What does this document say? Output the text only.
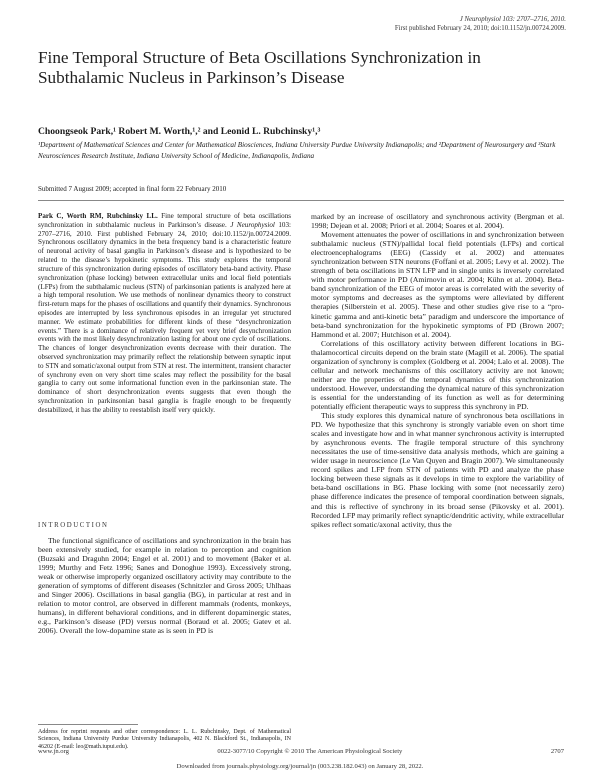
J Neurophysiol 103: 2707–2716, 2010.
First published February 24, 2010; doi:10.1152/jn.00724.2009.
Fine Temporal Structure of Beta Oscillations Synchronization in Subthalamic Nucleus in Parkinson’s Disease
Choongseok Park,¹ Robert M. Worth,¹,² and Leonid L. Rubchinsky¹,³
¹Department of Mathematical Sciences and Center for Mathematical Biosciences, Indiana University Purdue University Indianapolis; and ²Department of Neurosurgery and ³Stark Neurosciences Research Institute, Indiana University School of Medicine, Indianapolis, Indiana
Submitted 7 August 2009; accepted in final form 22 February 2010
Park C, Worth RM, Rubchinsky LL. Fine temporal structure of beta oscillations synchronization in subthalamic nucleus in Parkinson’s disease. J Neurophysiol 103: 2707–2716, 2010. First published February 24, 2010; doi:10.1152/jn.00724.2009. Synchronous oscillatory dynamics in the beta frequency band is a characteristic feature of neuronal activity of basal ganglia in Parkinson’s disease and is hypothesized to be related to the disease’s hypokinetic symptoms. This study explores the temporal structure of this synchronization during episodes of oscillatory beta-band activity. Phase synchronization (phase locking) between extracellular units and local field potentials (LFPs) from the subthalamic nucleus (STN) of parkinsonian patients is analyzed here at a high temporal resolution. We use methods of nonlinear dynamics theory to construct first-return maps for the phases of oscillations and quantify their dynamics. Synchronous episodes are interrupted by less synchronous episodes in an irregular yet structured manner. We estimate probabilities for different kinds of these “desynchronization events.” There is a dominance of relatively frequent yet very brief desynchronization events with the most likely desynchronization lasting for about one cycle of oscillations. The chances of longer desynchronization events decrease with their duration. The observed synchronization may primarily reflect the relationship between synaptic input to STN and somatic/axonal output from STN at rest. The intermittent, transient character of synchrony even on very short time scales may reflect the possibility for the basal ganglia to carry out some informational function even in the parkinsonian state. The dominance of short desynchronization events suggests that even though the synchronization in parkinsonian basal ganglia is fragile enough to be frequently destabilized, it has the ability to reestablish itself very quickly.
INTRODUCTION

The functional significance of oscillations and synchronization in the brain has been extensively studied, for example in relation to perception and cognition (Buzsaki and Draguhn 2004; Engel et al. 2001) and to movement (Baker et al. 1999; Murthy and Fetz 1996; Sanes and Donoghue 1993). Excessively strong, weak or otherwise improperly organized oscillatory activity may contribute to the generation of symptoms of different diseases (Schnitzler and Gross 2005; Uhlhaas and Singer 2006). Oscillations in basal ganglia (BG), in particular at rest and in relation to motor control, are observed in different mammals (rodents, monkeys, humans), in different behavioral conditions, and in different dopaminergic states, e.g., Parkinson’s disease (PD) versus normal (Boraud et al. 2005; Gatev et al. 2006). Overall the low-dopamine state as is seen in PD is

marked by an increase of oscillatory and synchronous activity (Bergman et al. 1998; Dejean et al. 2008; Priori et al. 2004; Soares et al. 2004).

Movement attenuates the power of oscillations in and synchronization between subthalamic nucleus (STN)/pallidal local field potentials (LFPs) and cortical electroencephalograms (EEG) (Cassidy et al. 2002) and attenuates synchronization between STN neurons (Foffani et al. 2005; Levy et al. 2002). The strength of beta oscillations in STN LFP and in single units is inversely correlated with motor performance in PD (Amirnovin et al. 2004; Kühn et al. 2004). Beta-band synchronization of the EEG of motor areas is correlated with the severity of motor symptoms and decreases as the symptoms were alleviated by different therapies (Silberstein et al. 2005). These and other studies give rise to a “pro-kinetic gamma and anti-kinetic beta” paradigm and underscore the importance of beta-band synchronization for the hypokinetic symptoms of PD (Brown 2007; Hammond et al. 2007; Hutchison et al. 2004).

Correlations of this oscillatory activity between different locations in BG-thalamocortical circuits depend on the brain state (Magill et al. 2006). The spatial organization of synchrony is complex (Goldberg et al. 2004; Lalo et al. 2008). The cellular and network mechanisms of this oscillatory activity are not known; neither are the properties of the temporal dynamics of this synchronization understood. However, understanding the dynamical nature of this synchronization is essential for the understanding of its function as well as for determining potentially efficient therapeutic ways to suppress this synchrony in PD.

This study explores this dynamical nature of synchronous beta oscillations in PD. We hypothesize that this synchrony is strongly variable even on short time scales and investigate how and in what manner synchronous activity is interrupted by asynchronous events. The fragile temporal structure of this synchrony necessitates the use of time-sensitive data analysis methods, which are gaining a wider usage in neuroscience (Le Van Quyen and Bragin 2007). We simultaneously record spikes and LFP from STN of patients with PD and analyze the phase locking between these signals as it develops in time to explore the variability of beta-band oscillations in BG. Phase locking with some (not necessarily zero) phase difference indicates the presence of temporal coordination between signals, and this is reflective of synchrony in its broad sense (Pikovsky et al. 2001). Recorded LFP may primarily reflect synaptic/dendritic activity, while extracellular spikes reflect somatic/axonal activity, thus the

Address for reprint requests and other correspondence: L. L. Rubchinsky, Dept. of Mathematical Sciences, Indiana University Purdue University Indianapolis, 402 N. Blackford St., Indianapolis, IN 46202 (E-mail: leo@math.iupui.edu).
www.jn.org	0022-3077/10 Copyright © 2010 The American Physiological Society	2707
Downloaded from journals.physiology.org/journal/jn (003.238.182.043) on January 28, 2022.
